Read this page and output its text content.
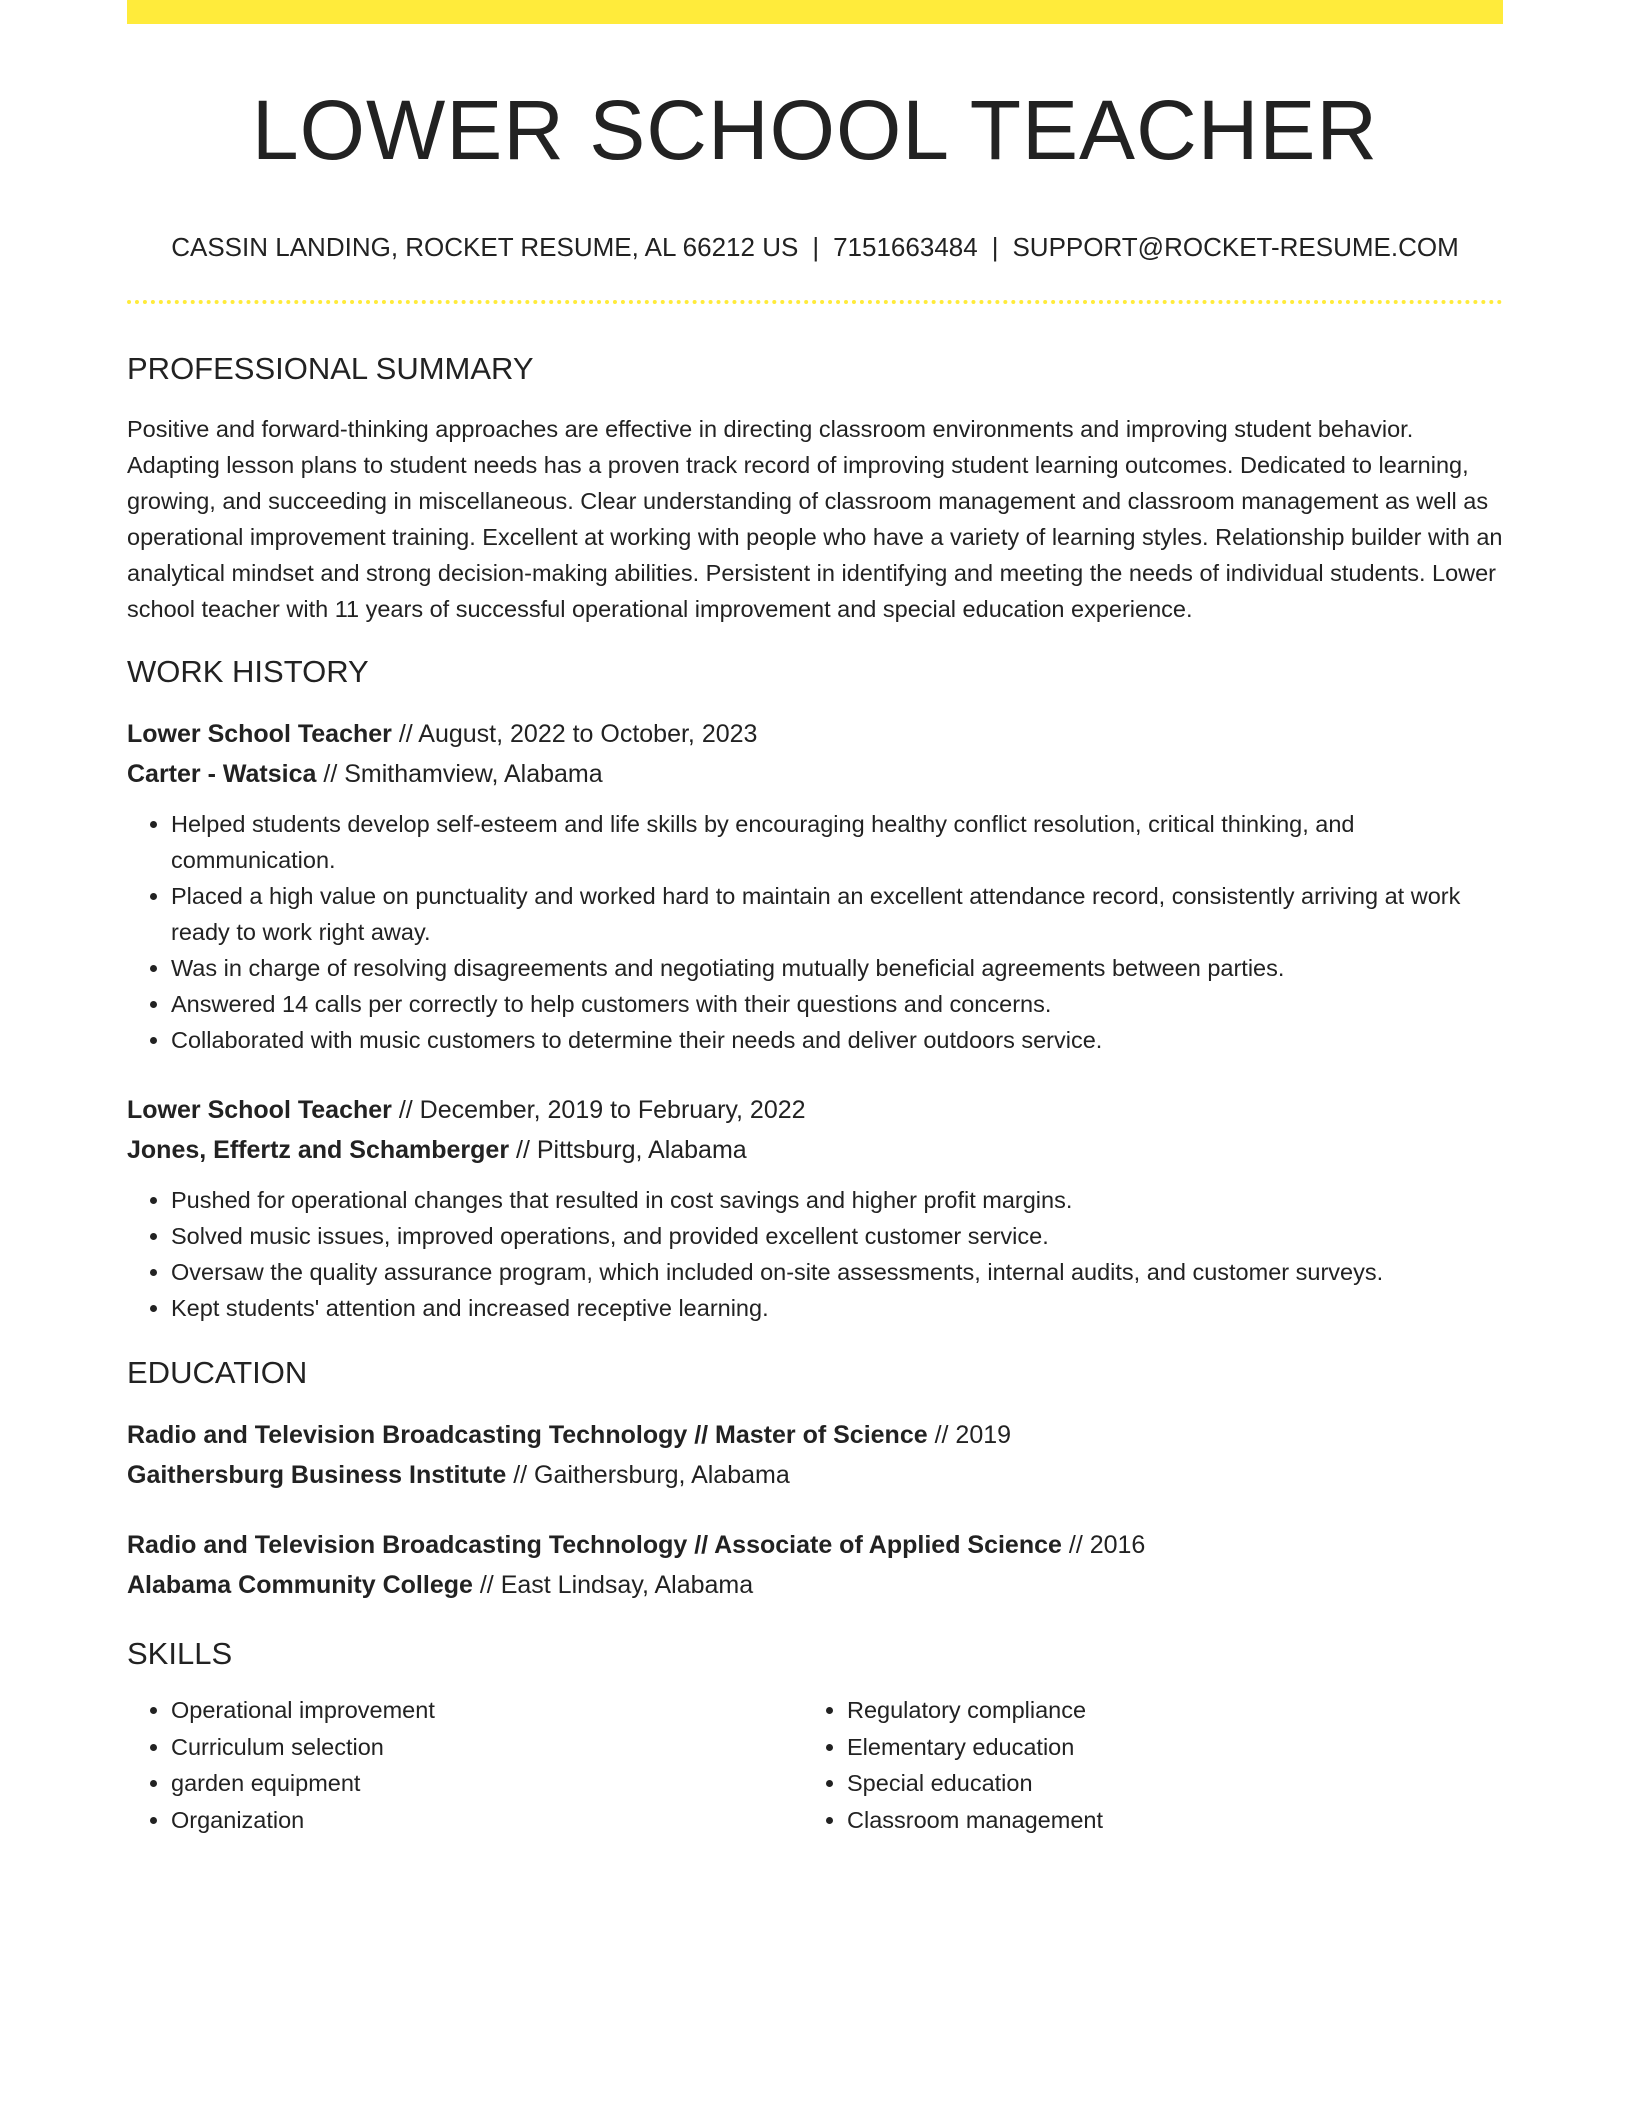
LOWER SCHOOL TEACHER
CASSIN LANDING, ROCKET RESUME, AL 66212 US | 7151663484 | SUPPORT@ROCKET-RESUME.COM
PROFESSIONAL SUMMARY

Positive and forward-thinking approaches are effective in directing classroom environments and improving student behavior. Adapting lesson plans to student needs has a proven track record of improving student learning outcomes. Dedicated to learning, growing, and succeeding in miscellaneous. Clear understanding of classroom management and classroom management as well as operational improvement training. Excellent at working with people who have a variety of learning styles. Relationship builder with an analytical mindset and strong decision-making abilities. Persistent in identifying and meeting the needs of individual students. Lower school teacher with 11 years of successful operational improvement and special education experience.

WORK HISTORY
Lower School Teacher // August, 2022 to October, 2023
Carter - Watsica // Smithamview, Alabama
• Helped students develop self-esteem and life skills by encouraging healthy conflict resolution, critical thinking, and communication.
• Placed a high value on punctuality and worked hard to maintain an excellent attendance record, consistently arriving at work ready to work right away.
• Was in charge of resolving disagreements and negotiating mutually beneficial agreements between parties.
• Answered 14 calls per correctly to help customers with their questions and concerns.
• Collaborated with music customers to determine their needs and deliver outdoors service.
Lower School Teacher // December, 2019 to February, 2022
Jones, Effertz and Schamberger // Pittsburg, Alabama
• Pushed for operational changes that resulted in cost savings and higher profit margins.
• Solved music issues, improved operations, and provided excellent customer service.
• Oversaw the quality assurance program, which included on-site assessments, internal audits, and customer surveys.
• Kept students' attention and increased receptive learning.
EDUCATION
Radio and Television Broadcasting Technology // Master of Science // 2019
Gaithersburg Business Institute // Gaithersburg, Alabama
Radio and Television Broadcasting Technology // Associate of Applied Science // 2016
Alabama Community College // East Lindsay, Alabama
SKILLS
• Operational improvement
• Curriculum selection
• garden equipment
• Organization
• Regulatory compliance
• Elementary education
• Special education
• Classroom management
